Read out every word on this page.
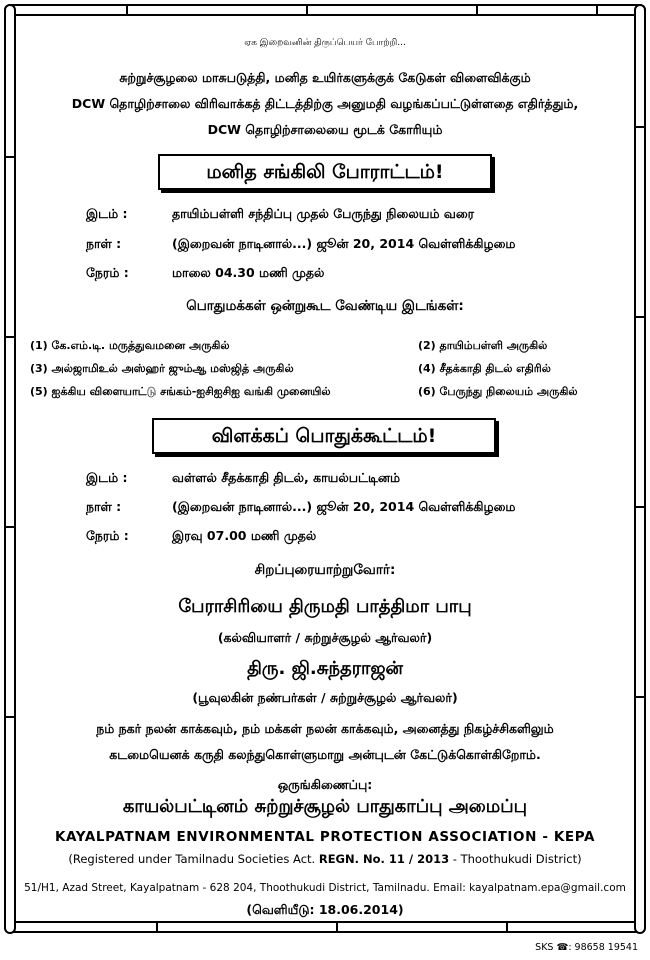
ஏக இறைவனின் திருப்பெயர் போற்றி...
சுற்றுச்சூழலை மாசுபடுத்தி, மனித உயிர்களுக்குக் கேடுகள் விளைவிக்கும்
DCW தொழிற்சாலை விரிவாக்கத் திட்டத்திற்கு அனுமதி வழங்கப்பட்டுள்ளதை எதிர்த்தும்,
DCW தொழிற்சாலையை மூடக் கோரியும்
மனித சங்கிலி போராட்டம்!
இடம் :	தாயிம்பள்ளி சந்திப்பு முதல் பேருந்து நிலையம் வரை
நாள் :	(இறைவன் நாடினால்...) ஜூன் 20, 2014 வெள்ளிக்கிழமை
நேரம் :	மாலை 04.30 மணி முதல்
பொதுமக்கள் ஒன்றுகூட வேண்டிய இடங்கள்:
(1) கே.எம்.டி. மருத்துவமனை அருகில்	(2) தாயிம்பள்ளி அருகில்
(3) அல்ஜாமிஉல் அஸ்ஹர் ஜும்ஆ மஸ்ஜித் அருகில்	(4) சீதக்காதி திடல் எதிரில்
(5) ஐக்கிய விளையாட்டு சங்கம்-ஐசிஐசிஐ வங்கி முனையில்	(6) பேருந்து நிலையம் அருகில்
விளக்கப் பொதுக்கூட்டம்!
இடம் :	வள்ளல் சீதக்காதி திடல், காயல்பட்டினம்
நாள் :	(இறைவன் நாடினால்...) ஜூன் 20, 2014 வெள்ளிக்கிழமை
நேரம் :	இரவு 07.00 மணி முதல்
சிறப்புரையாற்றுவோர்:
பேராசிரியை திருமதி பாத்திமா பாபு
(கல்வியாளர் / சுற்றுச்சூழல் ஆர்வலர்)
திரு. ஜி.சுந்தராஜன்
(பூவுலகின் நண்பர்கள் / சுற்றுச்சூழல் ஆர்வலர்)
நம் நகர் நலன் காக்கவும், நம் மக்கள் நலன் காக்கவும், அனைத்து நிகழ்ச்சிகளிலும்
கடமையெனக் கருதி கலந்துகொள்ளுமாறு அன்புடன் கேட்டுக்கொள்கிறோம்.
ஒருங்கிணைப்பு:
காயல்பட்டினம் சுற்றுச்சூழல் பாதுகாப்பு அமைப்பு
KAYALPATNAM ENVIRONMENTAL PROTECTION ASSOCIATION - KEPA
(Registered under Tamilnadu Societies Act. REGN. No. 11 / 2013 - Thoothukudi District)
51/H1, Azad Street, Kayalpatnam - 628 204, Thoothukudi District, Tamilnadu. Email: kayalpatnam.epa@gmail.com
(வெளியீடு: 18.06.2014)
SKS ☎: 98658 19541
